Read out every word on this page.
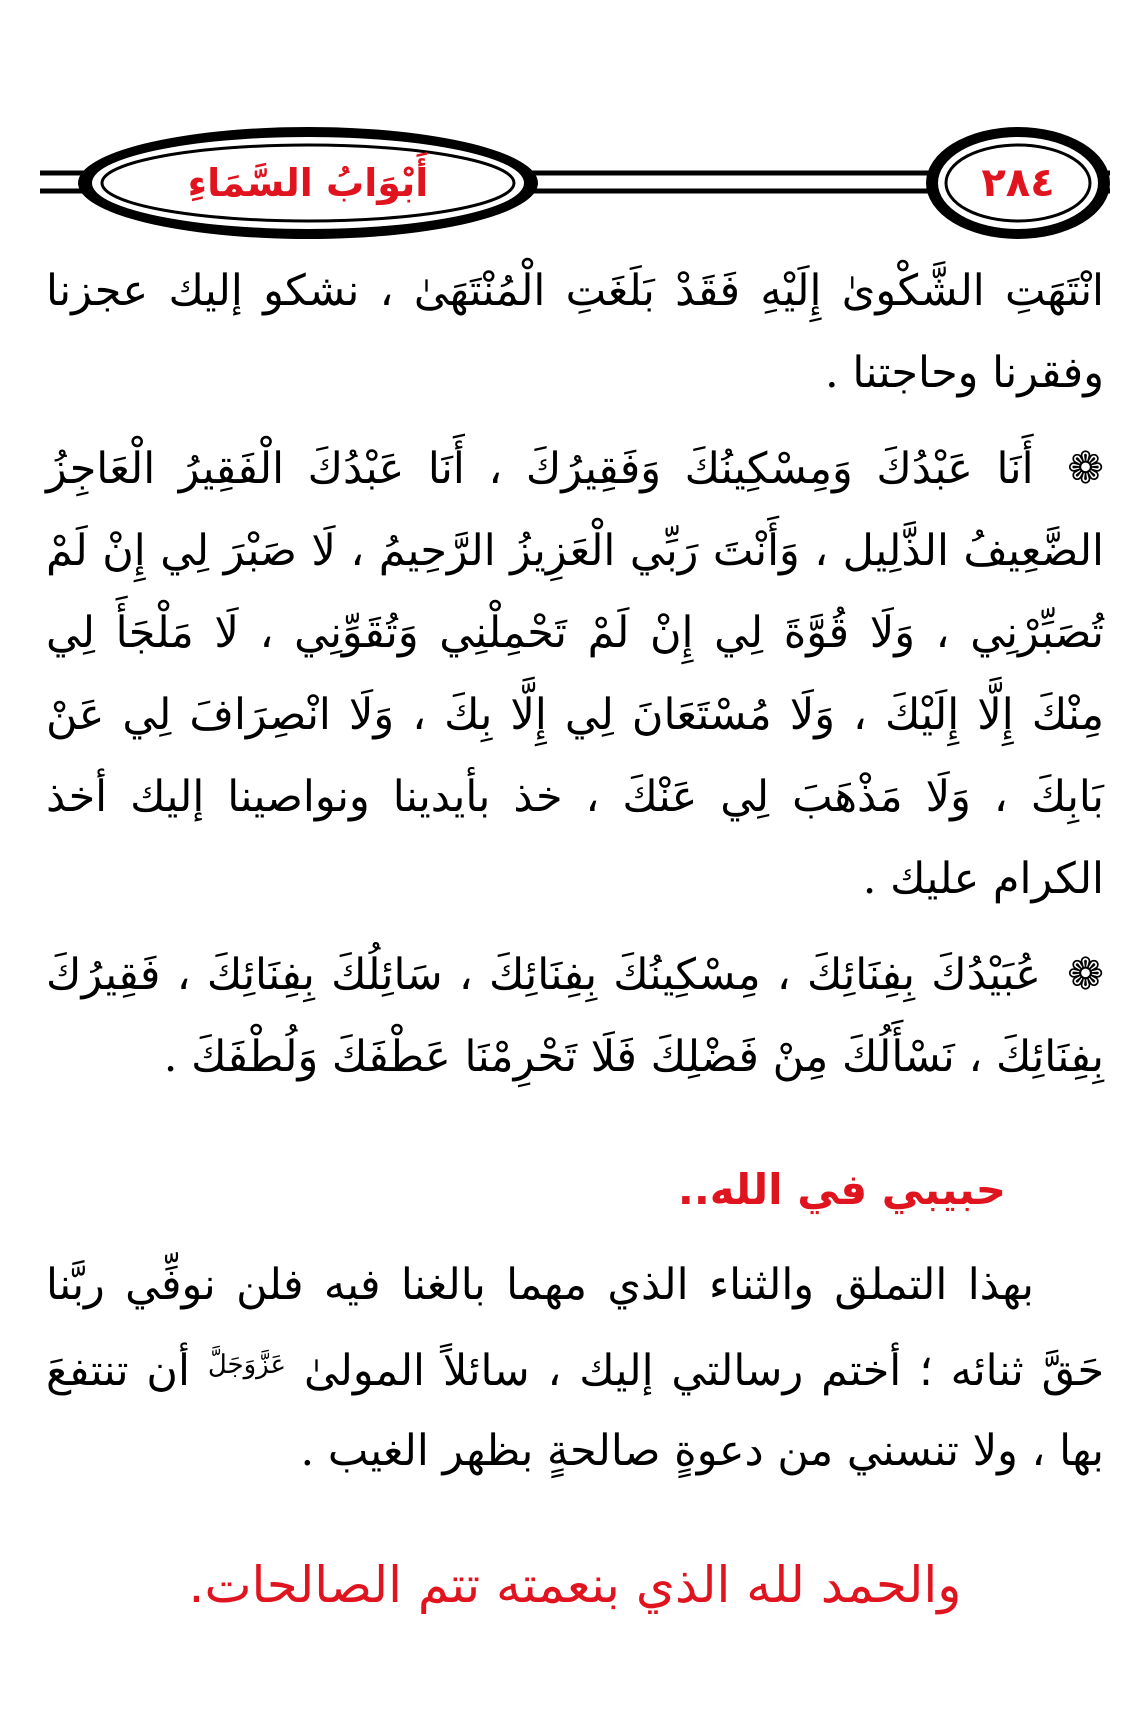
أَبْوَابُ السَّمَاءِ	٢٨٤

انْتَهَتِ الشَّكْوىٰ إِلَيْهِ فَقَدْ بَلَغَتِ الْمُنْتَهَىٰ ، نشكو إليك عجزنا وفقرنا وحاجتنا .

❁ أَنَا عَبْدُكَ وَمِسْكِينُكَ وَفَقِيرُكَ ، أَنَا عَبْدُكَ الْفَقِيرُ الْعَاجِزُ الضَّعِيفُ الذَّلِيل ، وَأَنْتَ رَبِّي الْعَزِيزُ الرَّحِيمُ ، لَا صَبْرَ لِي إِنْ لَمْ تُصَبِّرْنِي ، وَلَا قُوَّةَ لِي إِنْ لَمْ تَحْمِلْنِي وَتُقَوِّنِي ، لَا مَلْجَأَ لِي مِنْكَ إِلَّا إِلَيْكَ ، وَلَا مُسْتَعَانَ لِي إِلَّا بِكَ ، وَلَا انْصِرَافَ لِي عَنْ بَابِكَ ، وَلَا مَذْهَبَ لِي عَنْكَ ، خذ بأيدينا ونواصينا إليك أخذ الكرام عليك .

❁ عُبَيْدُكَ بِفِنَائِكَ ، مِسْكِينُكَ بِفِنَائِكَ ، سَائِلُكَ بِفِنَائِكَ ، فَقِيرُكَ بِفِنَائِكَ ، نَسْأَلُكَ مِنْ فَضْلِكَ فَلَا تَحْرِمْنَا عَطْفَكَ وَلُطْفَكَ .

حبيبي في الله..
بهذا التملق والثناء الذي مهما بالغنا فيه فلن نوفِّي ربَّنا حَقَّ ثنائه ؛ أختم رسالتي إليك ، سائلاً المولىٰ $^{عَزَّوَجَلَّ}$ أن تنتفعَ بها ، ولا تنسني من دعوةٍ صالحةٍ بظهر الغيب .
والحمد لله الذي بنعمته تتم الصالحات.
